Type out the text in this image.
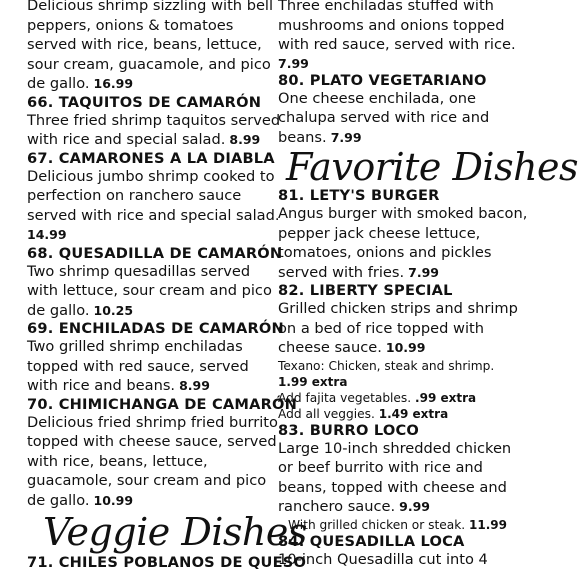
Delicious shrimp sizzling with bell
peppers, onions & tomatoes
served with rice, beans, lettuce,
sour cream, guacamole, and pico
de gallo. 16.99
66. TAQUITOS DE CAMARÓN
Three fried shrimp taquitos served
with rice and special salad. 8.99
67. CAMARONES A LA DIABLA
Delicious jumbo shrimp cooked to
perfection on ranchero sauce
served with rice and special salad.
14.99
68. QUESADILLA DE CAMARÓN
Two shrimp quesadillas served
with lettuce, sour cream and pico
de gallo. 10.25
69. ENCHILADAS DE CAMARÓN
Two grilled shrimp enchiladas
topped with red sauce, served
with rice and beans. 8.99
70. CHIMICHANGA DE CAMARÓN
Delicious fried shrimp fried burrito
topped with cheese sauce, served
with rice, beans, lettuce,
guacamole, sour cream and pico
de gallo. 10.99
Veggie Dishes
71. CHILES POBLANOS DE QUESO
Three enchiladas stuffed with
mushrooms and onions topped
with red sauce, served with rice.
7.99
80. PLATO VEGETARIANO
One cheese enchilada, one
chalupa served with rice and
beans. 7.99
Favorite Dishes
81. LETY'S BURGER
Angus burger with smoked bacon,
pepper jack cheese lettuce,
tomatoes, onions and pickles
served with fries. 7.99
82. LIBERTY SPECIAL
Grilled chicken strips and shrimp
on a bed of rice topped with
cheese sauce. 10.99
Texano: Chicken, steak and shrimp.
1.99 extra
Add fajita vegetables. .99 extra
Add all veggies. 1.49 extra
83. BURRO LOCO
Large 10-inch shredded chicken
or beef burrito with rice and
beans, topped with cheese and
ranchero sauce. 9.99
With grilled chicken or steak. 11.99
84. QUESADILLA LOCA
10-inch Quesadilla cut into 4
